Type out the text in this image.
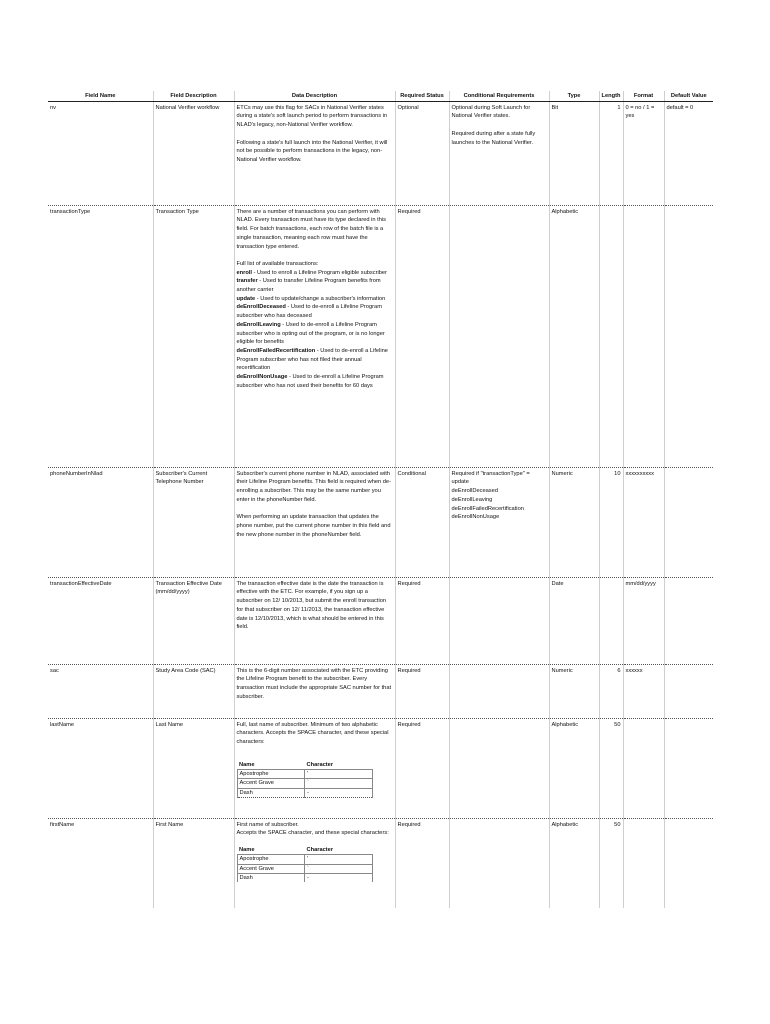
Field Name	Field Description	Data Description	Required Status	Conditional Requirements	Type	Length	Format	Default Value
nv	National Verifier workflow	ETCs may use this flag for SACs in National Verifier states during a state's soft launch period to perform transactions in NLAD's legacy, non-National Verifier workflow.

Following a state's full launch into the National Verifier, it will not be possible to perform transactions in the legacy, non-National Verifier workflow.

	Optional	Optional during Soft Launch for National Verifier states.

Required during after a state fully launches to the National Verifier.

	Bit	1	0 = no / 1 = yes	default = 0
transactionType	Transaction Type	There are a number of transactions you can perform with NLAD. Every transaction must have its type declared in this field. For batch transactions, each row of the batch file is a single transaction, meaning each row must have the transaction type entered.

Full list of available transactions:

enroll - Used to enroll a Lifeline Program eligible subscriber

transfer - Used to transfer Lifeline Program benefits from another carrier

update - Used to update/change a subscriber's information

deEnrollDeceased - Used to de-enroll a Lifeline Program subscriber who has deceased

deEnrollLeaving - Used to de-enroll a Lifeline Program subscriber who is opting out of the program, or is no longer eligible for benefits

deEnrollFailedRecertification - Used to de-enroll a Lifeline Program subscriber who has not filed their annual recertification

deEnrollNonUsage - Used to de-enroll a Lifeline Program subscriber who has not used their benefits for 60 days

	Required		Alphabetic			
phoneNumberInNlad	Subscriber's Current Telephone Number	

Subscriber's current phone number in NLAD, associated with their Lifeline Program benefits. This field is required when de-enrolling a subscriber. This may be the same number you enter in the phoneNumber field.

When performing an update transaction that updates the phone number, put the current phone number in this field and the new phone number in the phoneNumber field.

	Conditional	Required if "transactionType" =

update

deEnrollDeceased

deEnrollLeaving

deEnrollFailedRecertification

deEnrollNonUsage

	Numeric	10	xxxxxxxxxx	
transactionEffectiveDate	Transaction Effective Date (mm/dd/yyyy)	

The transaction effective date is the date the transaction is effective with the ETC. For example, if you sign up a subscriber on 12/ 10/2013, but submit the enroll transaction for that subscriber on 12/ 11/2013, the transaction effective date is 12/10/2013, which is what should be entered in this field.

	Required		Date		mm/dd/yyyy	
sac	Study Area Code (SAC)	This is the 6-digit number associated with the ETC providing the Lifeline Program benefit to the subscriber. Every transaction must include the appropriate SAC number for that subscriber.

	Required		Numeric	6	xxxxxx	
lastName	Last Name	Full, last name of subscriber. Minimum of two alphabetic characters. Accepts the SPACE character, and these special characters:

Name	Character
Apostrophe	'
Accent Grave	`
Dash	-
	Required		Alphabetic	50		
firstName	First Name	First name of subscriber.

Accepts the SPACE character, and these special characters:

Name	Character
Apostrophe	'
Accent Grave	`
Dash	-
	Required		Alphabetic	50		
